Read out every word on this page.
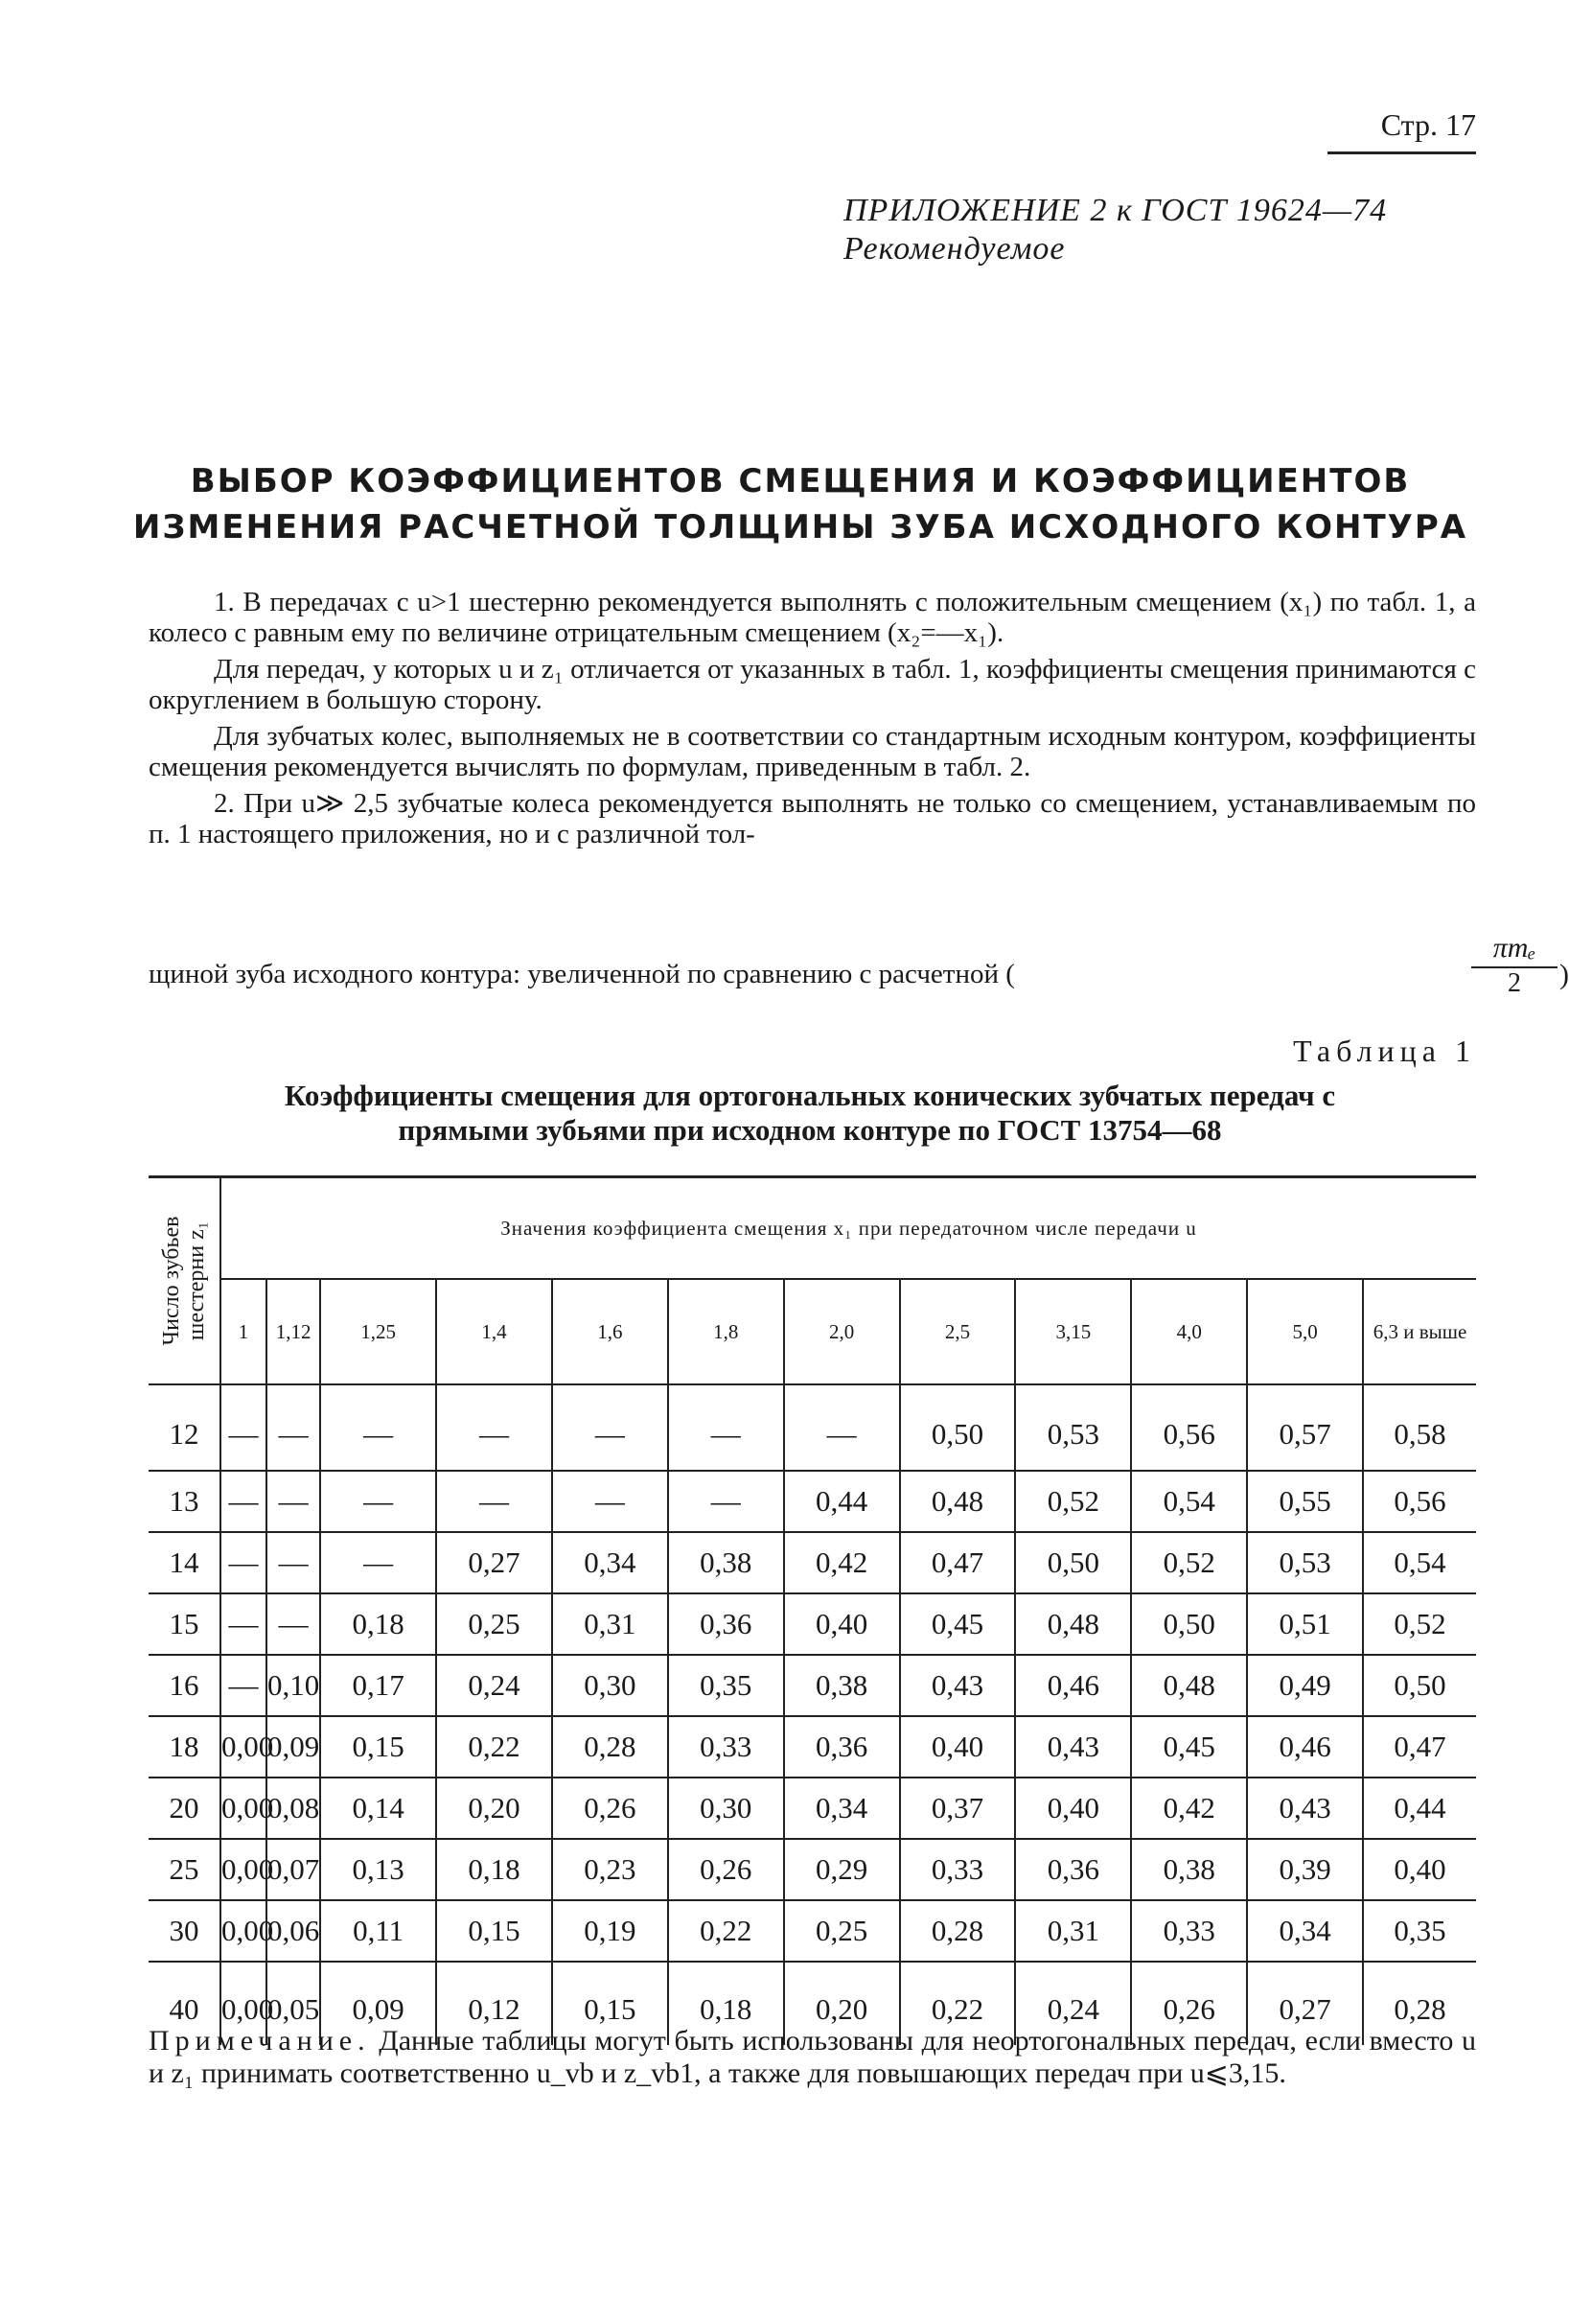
Стр. 17
ПРИЛОЖЕНИЕ 2 к ГОСТ 19624—74
Рекомендуемое
ВЫБОР КОЭФФИЦИЕНТОВ СМЕЩЕНИЯ И КОЭФФИЦИЕНТОВ
ИЗМЕНЕНИЯ РАСЧЕТНОЙ ТОЛЩИНЫ ЗУБА ИСХОДНОГО КОНТУРА

1. В передачах с u>1 шестерню рекомендуется выполнять с положительным смещением (x₁) по табл. 1, а колесо с равным ему по величине отрицательным смещением (x₂=—x₁).

Для передач, у которых u и z₁ отличается от указанных в табл. 1, коэффициенты смещения принимаются с округлением в большую сторону.

Для зубчатых колес, выполняемых не в соответствии со стандартным исходным контуром, коэффициенты смещения рекомендуется вычислять по формулам, приведенным в табл. 2.

2. При u≫ 2,5 зубчатые колеса рекомендуется выполнять не только со смещением, устанавливаемым по п. 1 настоящего приложения, но и с различной тол-

щиной зуба исходного контура: увеличенной по сравнению с расчетной (
πmₑ
2	)
Таблица 1
Коэффициенты смещения для ортогональных конических зубчатых передач с
прямыми зубьями при исходном контуре по ГОСТ 13754—68
Число зубьев шестерни z₁	Значения коэффициента смещения x₁ при передаточном числе передачи u											
	1	1,12	1,25	1,4	1,6	1,8	2,0	2,5	3,15	4,0	5,0	6,3 и выше
12	—	—	—	—	—	—	—	0,50	0,53	0,56	0,57	0,58
13	—	—	—	—	—	—	0,44	0,48	0,52	0,54	0,55	0,56
14	—	—	—	0,27	0,34	0,38	0,42	0,47	0,50	0,52	0,53	0,54
15	—	—	0,18	0,25	0,31	0,36	0,40	0,45	0,48	0,50	0,51	0,52
16	—	0,10	0,17	0,24	0,30	0,35	0,38	0,43	0,46	0,48	0,49	0,50
18	0,00	0,09	0,15	0,22	0,28	0,33	0,36	0,40	0,43	0,45	0,46	0,47
20	0,00	0,08	0,14	0,20	0,26	0,30	0,34	0,37	0,40	0,42	0,43	0,44
25	0,00	0,07	0,13	0,18	0,23	0,26	0,29	0,33	0,36	0,38	0,39	0,40
30	0,00	0,06	0,11	0,15	0,19	0,22	0,25	0,28	0,31	0,33	0,34	0,35
40	0,00	0,05	0,09	0,12	0,15	0,18	0,20	0,22	0,24	0,26	0,27	0,28
Примечание. Данные таблицы могут быть использованы для неортогональных передач, если вместо u и z₁ принимать соответственно u_vb и z_vb1, а также для повышающих передач при u⩽3,15.
